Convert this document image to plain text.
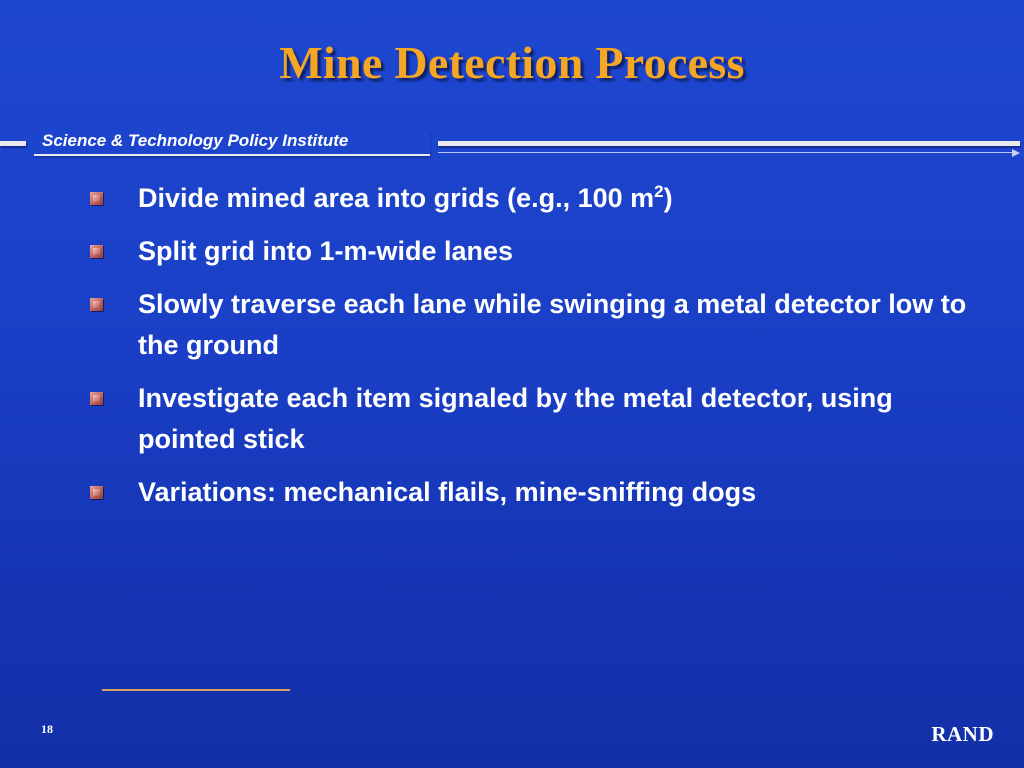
Mine Detection Process
Science & Technology Policy Institute
Divide mined area into grids (e.g., 100 $m^2$)
Split grid into 1-m-wide lanes
Slowly traverse each lane while swinging a metal detector low to the ground
Investigate each item signaled by the metal detector, using pointed stick
Variations: mechanical flails, mine-sniffing dogs
18	RAND
